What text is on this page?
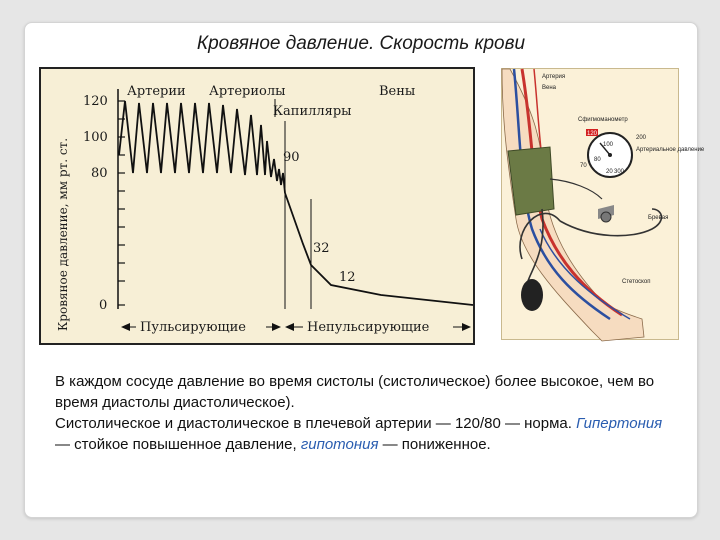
Кровяное давление. Скорость крови
Кровяное давление, мм рт. ст.
120
100
80
0
Артерии Артериолы	Вены
Капилляры
90
32
12
Пульсирующие	Непульсирующие
120
100
80
20 300
200
70
Артерия
Вена
Сфигмоманометр
Артериальное давление
Бревая
Стетоскоп

В каждом сосуде давление во время систолы (систолическое) более высокое, чем во время диастолы диастолическое).

Систолическое и диастолическое в плечевой артерии — 120/80 — норма. Гипертония — стойкое повышенное давление, гипотония — пониженное.
